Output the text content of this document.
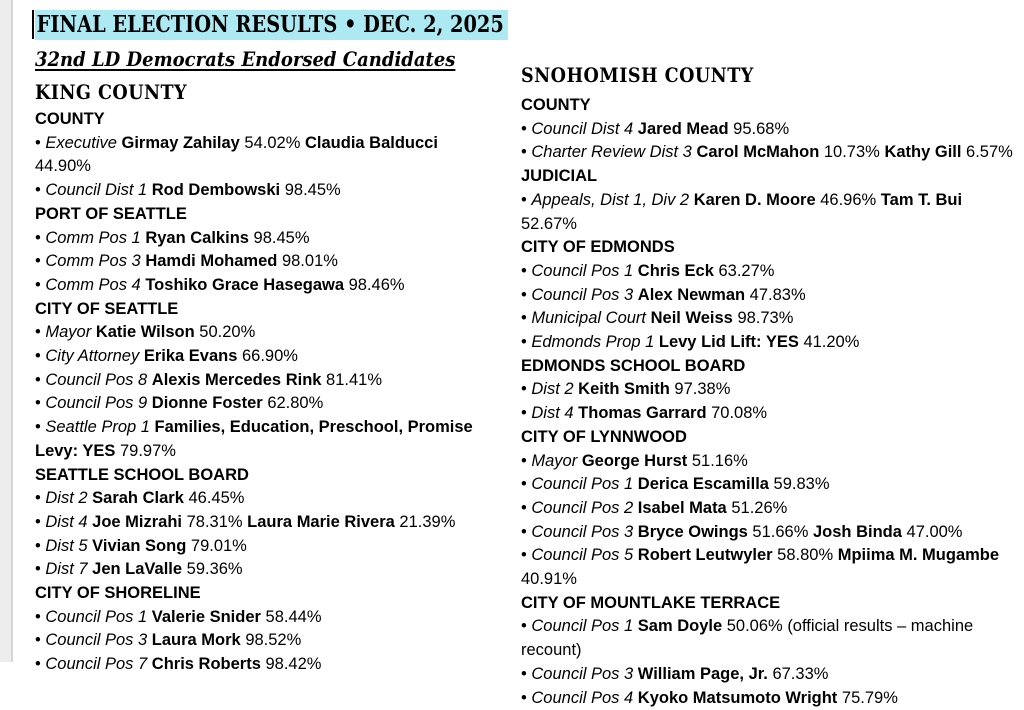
FINAL ELECTION RESULTS • DEC. 2, 2025
32nd LD Democrats Endorsed Candidates
KING COUNTY
COUNTY
• Executive Girmay Zahilay 54.02% Claudia Balducci 44.90%
• Council Dist 1 Rod Dembowski 98.45%
PORT OF SEATTLE
• Comm Pos 1 Ryan Calkins 98.45%
• Comm Pos 3 Hamdi Mohamed 98.01%
• Comm Pos 4 Toshiko Grace Hasegawa 98.46%
CITY OF SEATTLE
• Mayor Katie Wilson 50.20%
• City Attorney Erika Evans 66.90%
• Council Pos 8 Alexis Mercedes Rink 81.41%
• Council Pos 9 Dionne Foster 62.80%
• Seattle Prop 1 Families, Education, Preschool, Promise Levy: YES 79.97%
SEATTLE SCHOOL BOARD
• Dist 2 Sarah Clark 46.45%
• Dist 4 Joe Mizrahi 78.31% Laura Marie Rivera 21.39%
• Dist 5 Vivian Song 79.01%
• Dist 7 Jen LaValle 59.36%
CITY OF SHORELINE
• Council Pos 1 Valerie Snider 58.44%
• Council Pos 3 Laura Mork 98.52%
• Council Pos 7 Chris Roberts 98.42%
SNOHOMISH COUNTY
COUNTY
• Council Dist 4 Jared Mead 95.68%
• Charter Review Dist 3 Carol McMahon 10.73% Kathy Gill 6.57%
JUDICIAL
• Appeals, Dist 1, Div 2 Karen D. Moore 46.96% Tam T. Bui 52.67%
CITY OF EDMONDS
• Council Pos 1 Chris Eck 63.27%
• Council Pos 3 Alex Newman 47.83%
• Municipal Court Neil Weiss 98.73%
• Edmonds Prop 1 Levy Lid Lift: YES 41.20%
EDMONDS SCHOOL BOARD
• Dist 2 Keith Smith 97.38%
• Dist 4 Thomas Garrard 70.08%
CITY OF LYNNWOOD
• Mayor George Hurst 51.16%
• Council Pos 1 Derica Escamilla 59.83%
• Council Pos 2 Isabel Mata 51.26%
• Council Pos 3 Bryce Owings 51.66% Josh Binda 47.00%
• Council Pos 5 Robert Leutwyler 58.80% Mpiima M. Mugambe 40.91%
CITY OF MOUNTLAKE TERRACE
• Council Pos 1 Sam Doyle 50.06% (official results – machine recount)
• Council Pos 3 William Page, Jr. 67.33%
• Council Pos 4 Kyoko Matsumoto Wright 75.79%
